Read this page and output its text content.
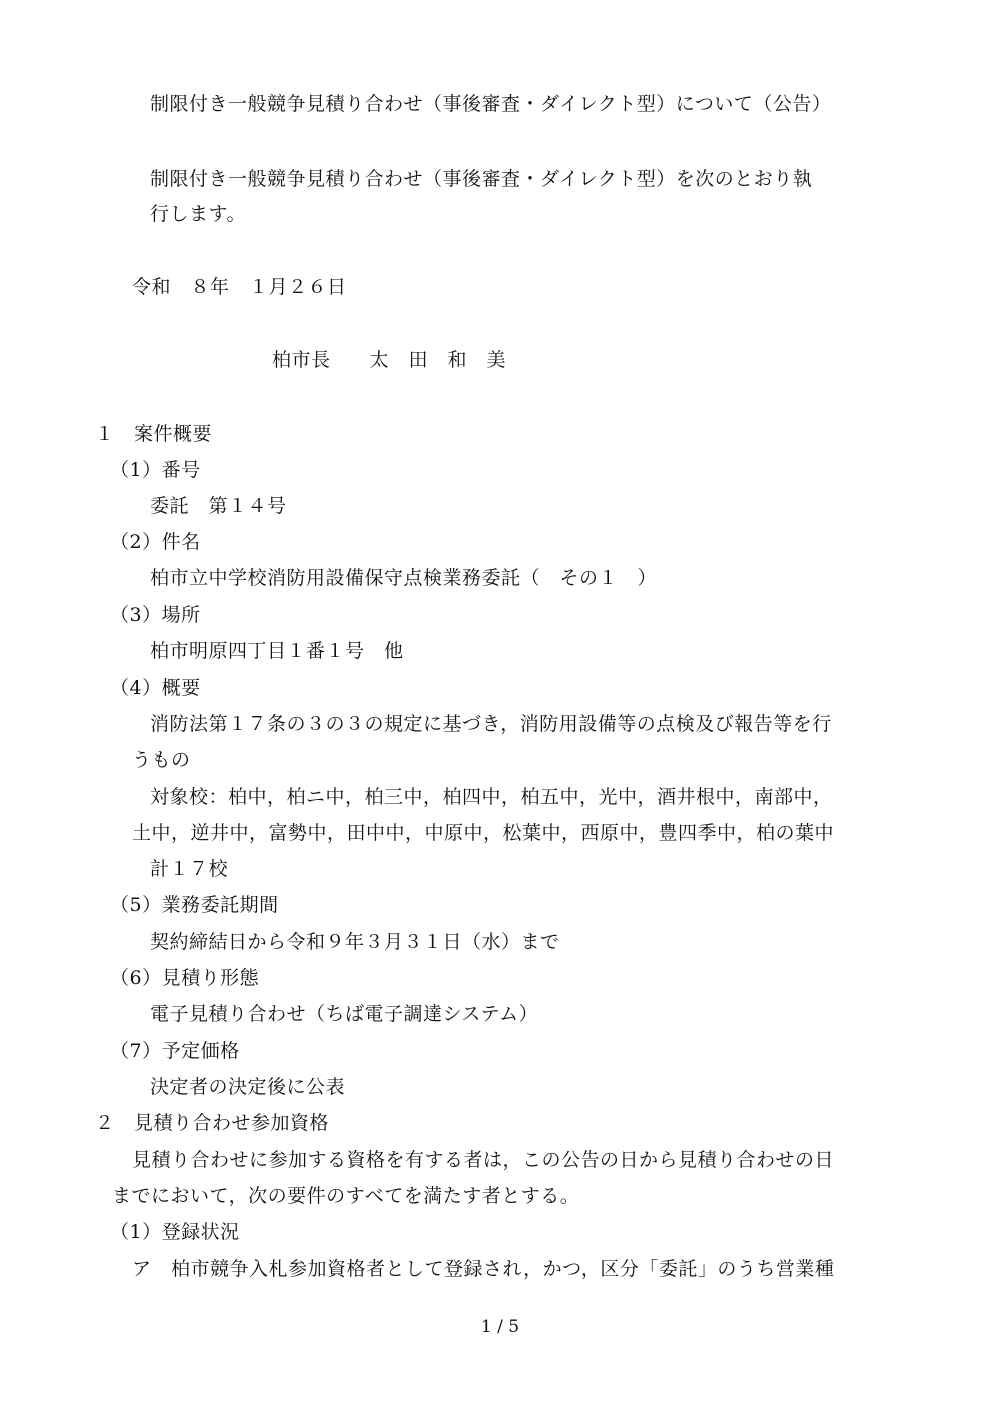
制限付き一般競争見積り合わせ（事後審査・ダイレクト型）について（公告）
制限付き一般競争見積り合わせ（事後審査・ダイレクト型）を次のとおり執
行します。
令和　８年　１月２６日
柏市長　　太　田　和　美
１　案件概要
（1）番号
委託　第１４号
（2）件名
柏市立中学校消防用設備保守点検業務委託（　その１　）
（3）場所
柏市明原四丁目１番１号　他
（4）概要
消防法第１７条の３の３の規定に基づき，消防用設備等の点検及び報告等を行
うもの
対象校：柏中，柏ニ中，柏三中，柏四中，柏五中，光中，酒井根中，南部中，
土中，逆井中，富勢中，田中中，中原中，松葉中，西原中，豊四季中，柏の葉中
計１７校
（5）業務委託期間
契約締結日から令和９年３月３１日（水）まで
（6）見積り形態
電子見積り合わせ（ちば電子調達システム）
（7）予定価格
決定者の決定後に公表
２　見積り合わせ参加資格
見積り合わせに参加する資格を有する者は，この公告の日から見積り合わせの日
までにおいて，次の要件のすべてを満たす者とする。
（1）登録状況
ア　柏市競争入札参加資格者として登録され，かつ，区分「委託」のうち営業種
1 / 5
